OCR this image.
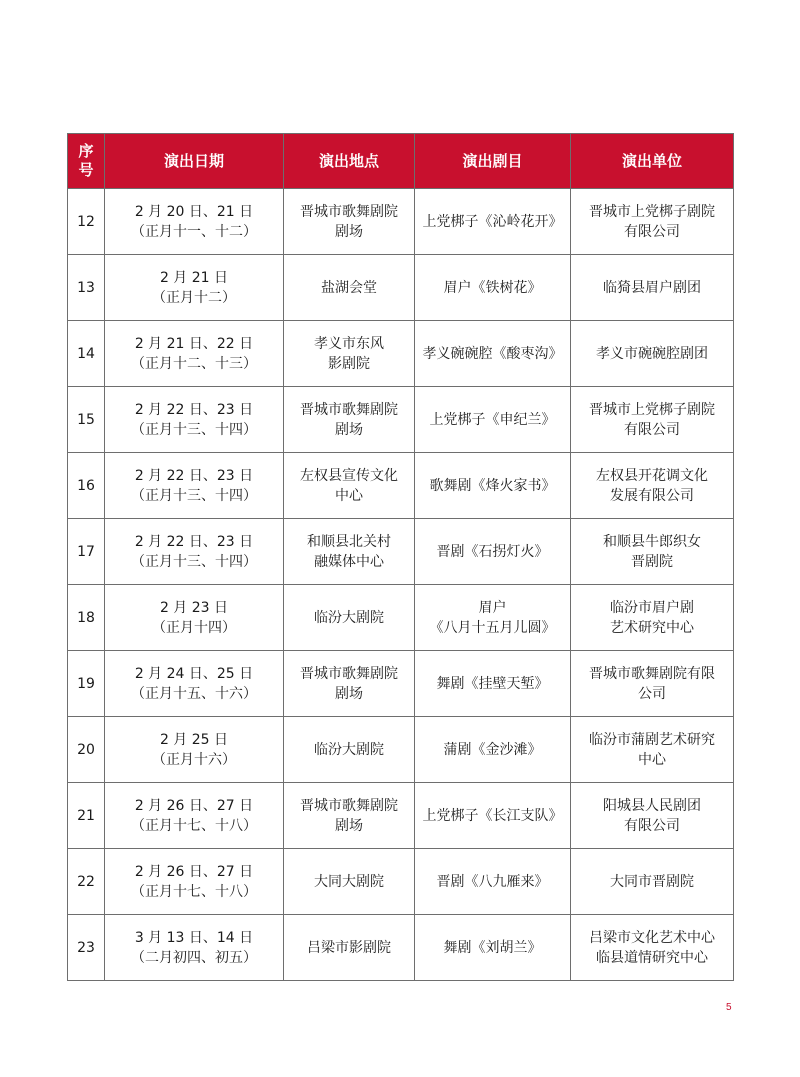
序 号	演出日期	演出地点	演出剧目	演出单位
12	2 月 20 日、21 日
（正月十一、十二）	晋城市歌舞剧院
剧场	上党梆子《沁岭花开》	晋城市上党梆子剧院
有限公司

13	2 月 21 日
（正月十二）	盐湖会堂	眉户《铁树花》	临猗县眉户剧团

14	2 月 21 日、22 日
（正月十二、十三）	孝义市东风
影剧院	孝义碗碗腔《酸枣沟》	孝义市碗碗腔剧团

15	2 月 22 日、23 日
（正月十三、十四）	晋城市歌舞剧院
剧场	上党梆子《申纪兰》	晋城市上党梆子剧院
有限公司

16	2 月 22 日、23 日
（正月十三、十四）	左权县宣传文化
中心	歌舞剧《烽火家书》	左权县开花调文化
发展有限公司

17	2 月 22 日、23 日
（正月十三、十四）	和顺县北关村
融媒体中心	晋剧《石拐灯火》	和顺县牛郎织女
晋剧院

18	2 月 23 日
（正月十四）	临汾大剧院	眉户
《八月十五月儿圆》	临汾市眉户剧
艺术研究中心

19	2 月 24 日、25 日
（正月十五、十六）	晋城市歌舞剧院
剧场	舞剧《挂壁天堑》	晋城市歌舞剧院有限
公司

20	2 月 25 日
（正月十六）	临汾大剧院	蒲剧《金沙滩》	临汾市蒲剧艺术研究
中心

21	2 月 26 日、27 日
（正月十七、十八）	晋城市歌舞剧院
剧场	上党梆子《长江支队》	阳城县人民剧团
有限公司

22	2 月 26 日、27 日
（正月十七、十八）	大同大剧院	晋剧《八九雁来》	大同市晋剧院

23	3 月 13 日、14 日
（二月初四、初五）	吕梁市影剧院	舞剧《刘胡兰》	吕梁市文化艺术中心
临县道情研究中心
5
